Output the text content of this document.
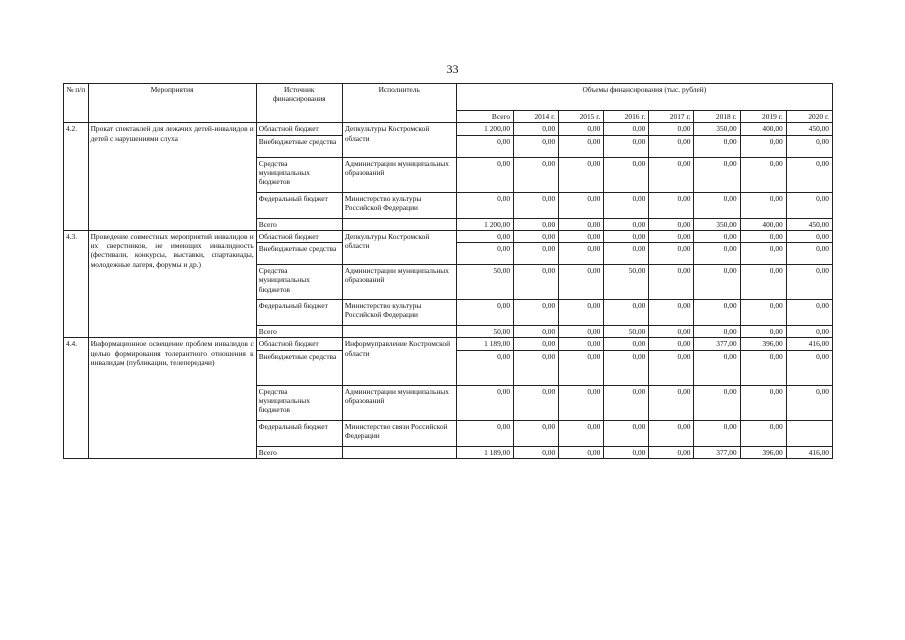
33
№ п/п	Мероприятия	Источник финансирования	Исполнитель	Объемы финансирования (тыс. рублей)							
				Всего	2014 г.	2015 г.	2016 г.	2017 г.	2018 г.	2019 г.	2020 г.
4.2.	Прокат спектаклей для лежачих детей-инвалидов и детей с нарушениями слуха	Областной бюджет	Депкультуры Костромской области	1 200,00	0,00	0,00	0,00	0,00	350,00	400,00	450,00
		Внебюджетные средства		0,00	0,00	0,00	0,00	0,00	0,00	0,00	0,00
		Средства муниципальных бюджетов	Администрации муниципальных образований	0,00	0,00	0,00	0,00	0,00	0,00	0,00	0,00
		Федеральный бюджет	Министерство культуры Российской Федерации	0,00	0,00	0,00	0,00	0,00	0,00	0,00	0,00
		Всего		1 200,00	0,00	0,00	0,00	0,00	350,00	400,00	450,00
4.3.	Проведение совместных мероприятий инвалидов и их сверстников, не имеющих инвалидность (фестивали, конкурсы, выставки, спартакиады, молодежные лагеря, форумы и др.)	Областной бюджет	Депкультуры Костромской области	0,00	0,00	0,00	0,00	0,00	0,00	0,00	0,00
		Внебюджетные средства		0,00	0,00	0,00	0,00	0,00	0,00	0,00	0,00
		Средства муниципальных бюджетов	Администрации муниципальных образований	50,00	0,00	0,00	50,00	0,00	0,00	0,00	0,00
		Федеральный бюджет	Министерство культуры Российской Федерации	0,00	0,00	0,00	0,00	0,00	0,00	0,00	0,00
		Всего		50,00	0,00	0,00	50,00	0,00	0,00	0,00	0,00
4.4.	Информационное освещение проблем инвалидов с целью формирования толерантного отношения к инвалидам (публикации, телепередачи)	Областной бюджет	Информуправление Костромской области	1 189,00	0,00	0,00	0,00	0,00	377,00	396,00	416,00
		Внебюджетные средства		0,00	0,00	0,00	0,00	0,00	0,00	0,00	0,00
		Средства муниципальных бюджетов	Администрации муниципальных образований	0,00	0,00	0,00	0,00	0,00	0,00	0,00	0,00
		Федеральный бюджет	Министерство связи Российской Федерации	0,00	0,00	0,00	0,00	0,00	0,00	0,00	
		Всего		1 189,00	0,00	0,00	0,00	0,00	377,00	396,00	416,00
